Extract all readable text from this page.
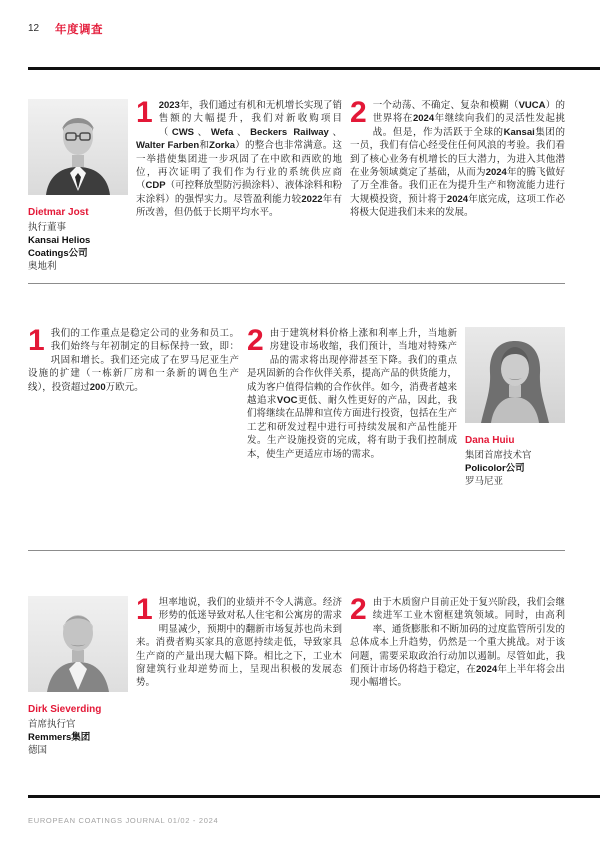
12 年度调查
Dietmar Jost
执行董事
Kansai Helios Coatings公司
奥地利

1 2023年，我们通过有机和无机增长实现了销售额的大幅提升，我们对新收购项目（CWS、Wefa、Beckers Railway、Walter Farben和Zorka）的整合也非常满意。这一举措使集团进一步巩固了在中欧和西欧的地位，再次证明了我们作为行业的系统供应商（CDP（可控释放型防污损涂料）、液体涂料和粉末涂料）的强悍实力。尽管盈利能力较2022年有所改善，但仍低于长期平均水平。

2 一个动荡、不确定、复杂和模糊（VUCA）的世界将在2024年继续向我们的灵活性发起挑战。但是，作为活跃于全球的Kansai集团的一员，我们有信心经受住任何风浪的考验。我们看到了核心业务有机增长的巨大潜力，为进入其他潜在业务领域奠定了基础，从而为2024年的腾飞做好了万全准备。我们正在为提升生产和物流能力进行大规模投资，预计将于2024年底完成，这项工作必将极大促进我们未来的发展。

1 我们的工作重点是稳定公司的业务和员工。我们始终与年初制定的目标保持一致，即：巩固和增长。我们还完成了在罗马尼亚生产设施的扩建（一栋新厂房和一条新的调色生产线），投资超过200万欧元。

2 由于建筑材料价格上涨和利率上升，当地新房建设市场收缩，我们预计，当地对特殊产品的需求将出现停滞甚至下降。我们的重点是巩固新的合作伙伴关系，提高产品的供货能力，成为客户值得信赖的合作伙伴。如今，消费者越来越追求VOC更低、耐久性更好的产品，因此，我们将继续在品牌和宣传方面进行投资，包括在生产工艺和研发过程中进行可持续发展和产品性能开发。生产设施投资的完成，将有助于我们控制成本，使生产更适应市场的需求。

Dana Huiu
集团首席技术官
Policolor公司
罗马尼亚
Dirk Sieverding
首席执行官
Remmers集团
德国

1 坦率地说，我们的业绩并不令人满意。经济形势的低迷导致对私人住宅和公寓房的需求明显减少，预期中的翻新市场复苏也尚未到来。消费者购买家具的意愿持续走低，导致家具生产商的产量出现大幅下降。相比之下，工业木窗建筑行业却逆势而上，呈现出积极的发展态势。

2 由于木质窗户目前正处于复兴阶段，我们会继续进军工业木窗框建筑领域。同时，由高利率、通货膨胀和不断加码的过度监管所引发的总体成本上升趋势，仍然是一个重大挑战。对于该问题，需要采取政治行动加以遏制。尽管如此，我们预计市场仍将趋于稳定，在2024年上半年将会出现小幅增长。

EUROPEAN COATINGS JOURNAL 01/02 - 2024
